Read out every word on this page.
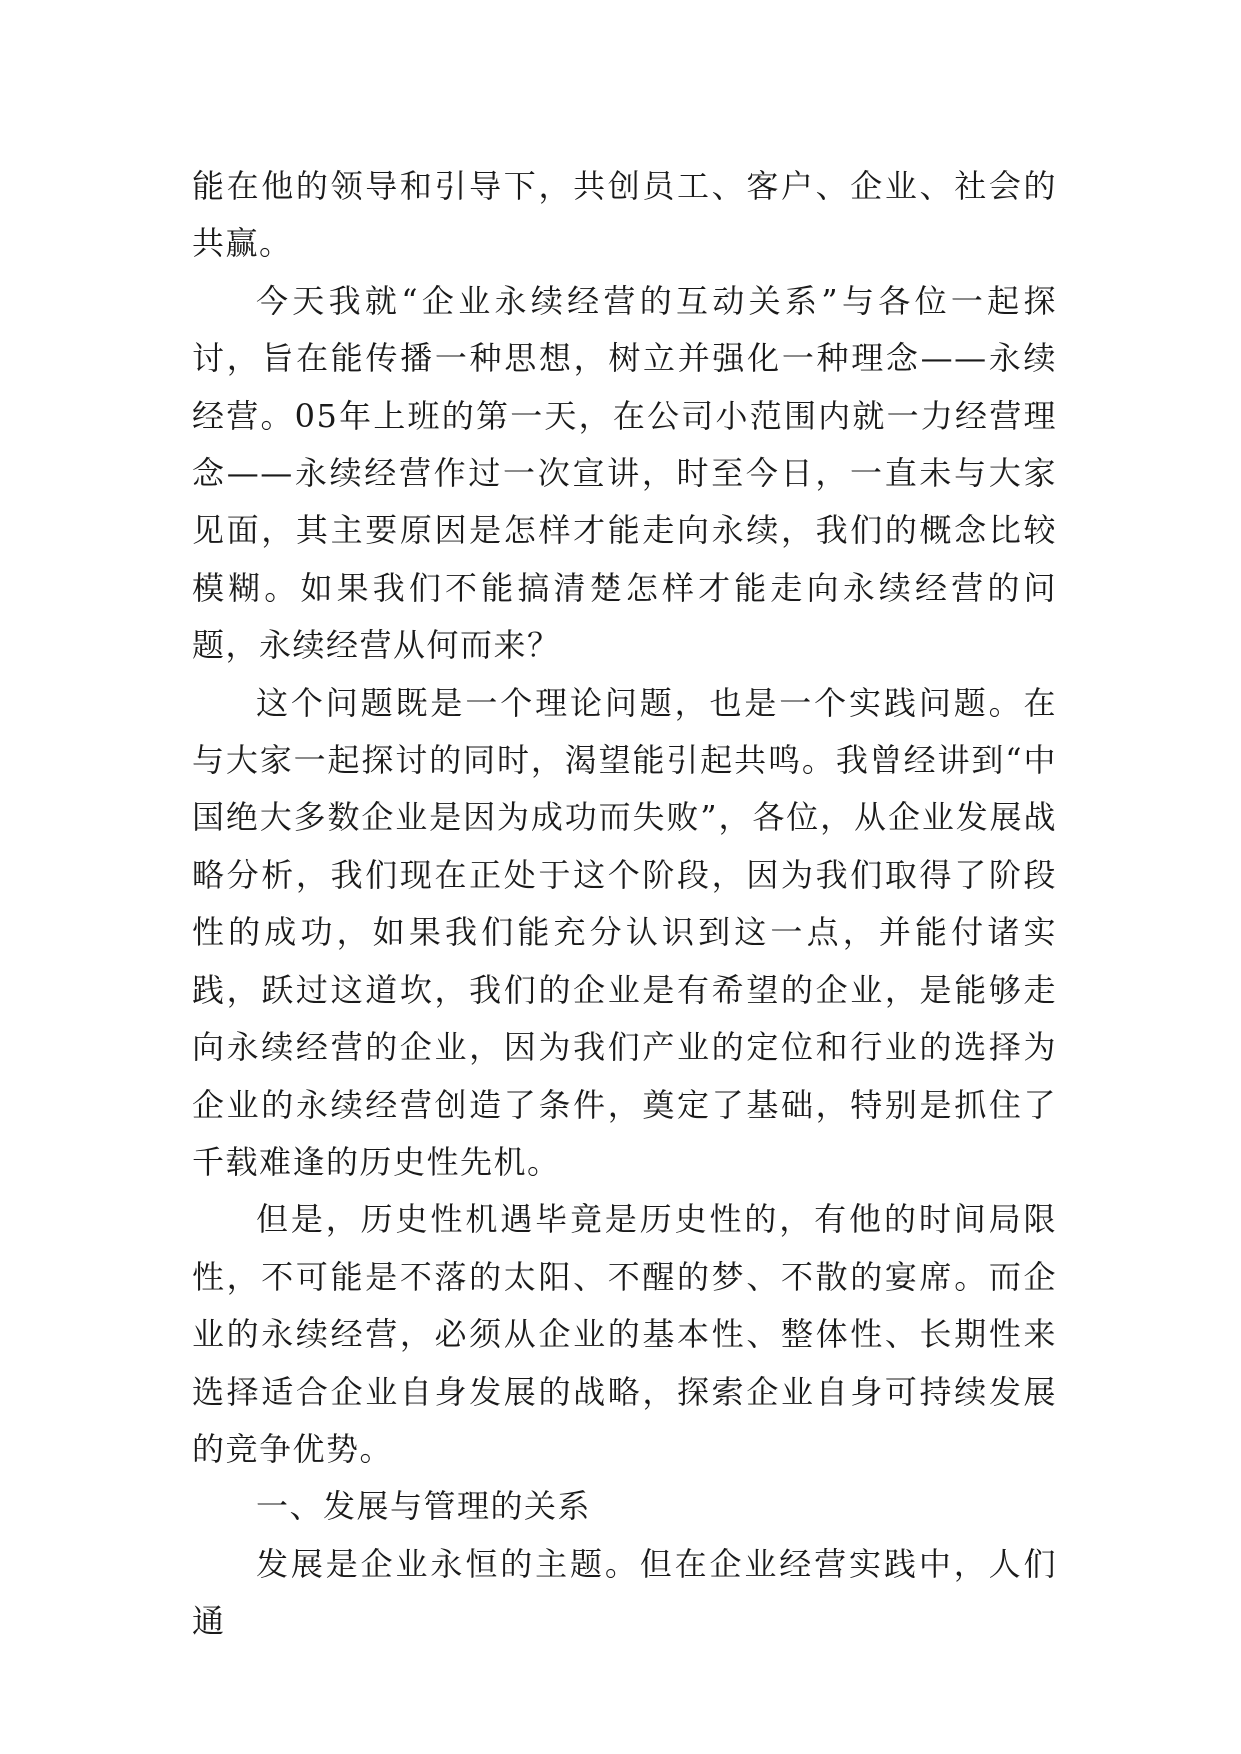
能在他的领导和引导下，共创员工、客户、企业、社会的共赢。

今天我就“企业永续经营的互动关系”与各位一起探讨，旨在能传播一种思想，树立并强化一种理念——永续经营。05年上班的第一天，在公司小范围内就一力经营理念——永续经营作过一次宣讲，时至今日，一直未与大家见面，其主要原因是怎样才能走向永续，我们的概念比较模糊。如果我们不能搞清楚怎样才能走向永续经营的问题，永续经营从何而来？

这个问题既是一个理论问题，也是一个实践问题。在与大家一起探讨的同时，渴望能引起共鸣。我曾经讲到“中国绝大多数企业是因为成功而失败”，各位，从企业发展战略分析，我们现在正处于这个阶段，因为我们取得了阶段性的成功，如果我们能充分认识到这一点，并能付诸实践，跃过这道坎，我们的企业是有希望的企业，是能够走向永续经营的企业，因为我们产业的定位和行业的选择为企业的永续经营创造了条件，奠定了基础，特别是抓住了千载难逢的历史性先机。

但是，历史性机遇毕竟是历史性的，有他的时间局限性，不可能是不落的太阳、不醒的梦、不散的宴席。而企业的永续经营，必须从企业的基本性、整体性、长期性来选择适合企业自身发展的战略，探索企业自身可持续发展的竞争优势。

一、发展与管理的关系

发展是企业永恒的主题。但在企业经营实践中，人们通
